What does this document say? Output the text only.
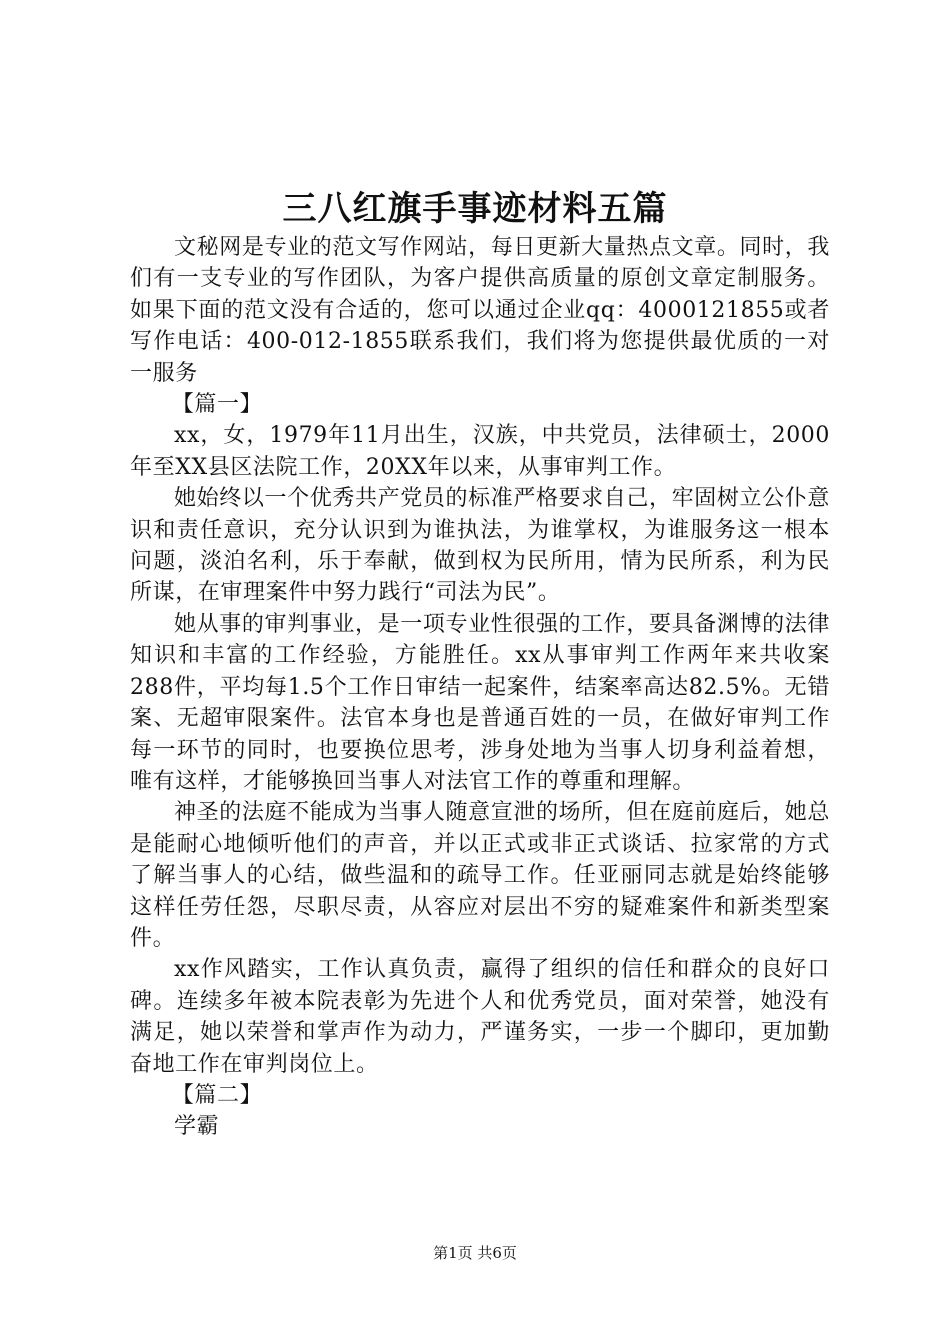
三八红旗手事迹材料五篇

文秘网是专业的范文写作网站，每日更新大量热点文章。同时，我们有一支专业的写作团队，为客户提供高质量的原创文章定制服务。如果下面的范文没有合适的，您可以通过企业qq：4000121855或者写作电话：400-012-1855联系我们，我们将为您提供最优质的一对一服务

【篇一】

xx，女，1979年11月出生，汉族，中共党员，法律硕士，2000年至XX县区法院工作，20XX年以来，从事审判工作。

她始终以一个优秀共产党员的标准严格要求自己，牢固树立公仆意识和责任意识，充分认识到为谁执法，为谁掌权，为谁服务这一根本问题，淡泊名利，乐于奉献，做到权为民所用，情为民所系，利为民所谋，在审理案件中努力践行“司法为民”。

她从事的审判事业，是一项专业性很强的工作，要具备渊博的法律知识和丰富的工作经验，方能胜任。xx从事审判工作两年来共收案288件，平均每1.5个工作日审结一起案件，结案率高达82.5%。无错案、无超审限案件。法官本身也是普通百姓的一员，在做好审判工作每一环节的同时，也要换位思考，涉身处地为当事人切身利益着想，唯有这样，才能够换回当事人对法官工作的尊重和理解。

神圣的法庭不能成为当事人随意宣泄的场所，但在庭前庭后，她总是能耐心地倾听他们的声音，并以正式或非正式谈话、拉家常的方式了解当事人的心结，做些温和的疏导工作。任亚丽同志就是始终能够这样任劳任怨，尽职尽责，从容应对层出不穷的疑难案件和新类型案件。

xx作风踏实，工作认真负责，赢得了组织的信任和群众的良好口碑。连续多年被本院表彰为先进个人和优秀党员，面对荣誉，她没有满足，她以荣誉和掌声作为动力，严谨务实，一步一个脚印，更加勤奋地工作在审判岗位上。

【篇二】

学霸

第1页 共6页
